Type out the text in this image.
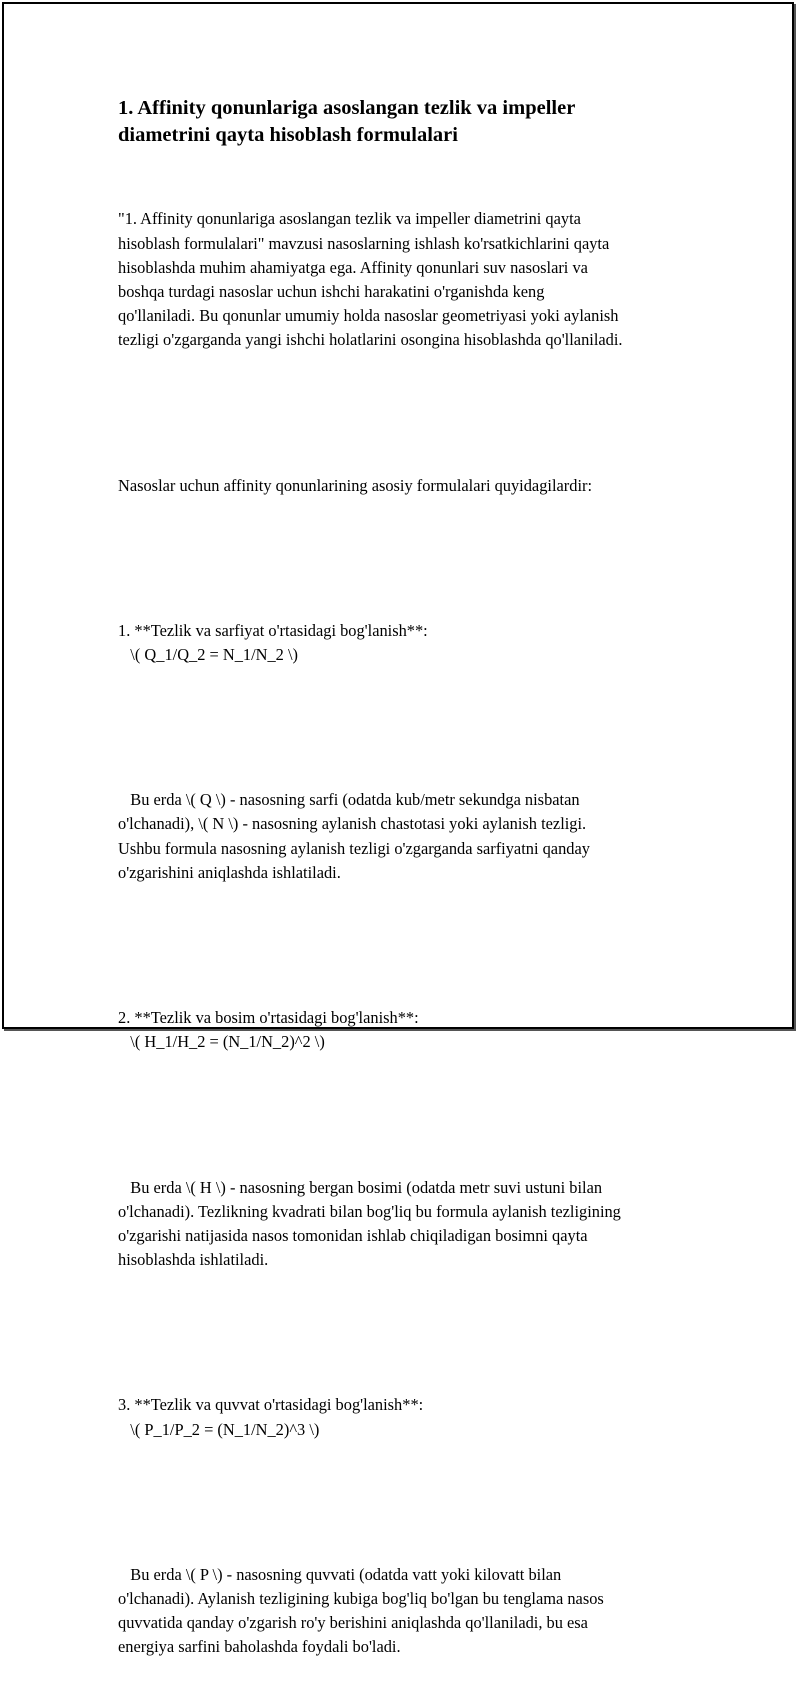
1. Affinity qonunlariga asoslangan tezlik va impeller
diametrini qayta hisoblash formulalari

"1. Affinity qonunlariga asoslangan tezlik va impeller diametrini qayta
hisoblash formulalari" mavzusi nasoslarning ishlash ko'rsatkichlarini qayta
hisoblashda muhim ahamiyatga ega. Affinity qonunlari suv nasoslari va
boshqa turdagi nasoslar uchun ishchi harakatini o'rganishda keng
qo'llaniladi. Bu qonunlar umumiy holda nasoslar geometriyasi yoki aylanish
tezligi o'zgarganda yangi ishchi holatlarini osongina hisoblashda qo'llaniladi.

Nasoslar uchun affinity qonunlarining asosiy formulalari quyidagilardir:

1. **Tezlik va sarfiyat o'rtasidagi bog'lanish**:
\( Q_1/Q_2 = N_1/N_2 \)

Bu erda \( Q \) - nasosning sarfi (odatda kub/metr sekundga nisbatan
o'lchanadi), \( N \) - nasosning aylanish chastotasi yoki aylanish tezligi.
Ushbu formula nasosning aylanish tezligi o'zgarganda sarfiyatni qanday
o'zgarishini aniqlashda ishlatiladi.

2. **Tezlik va bosim o'rtasidagi bog'lanish**:
\( H_1/H_2 = (N_1/N_2)^2 \)

Bu erda \( H \) - nasosning bergan bosimi (odatda metr suvi ustuni bilan
o'lchanadi). Tezlikning kvadrati bilan bog'liq bu formula aylanish tezligining
o'zgarishi natijasida nasos tomonidan ishlab chiqiladigan bosimni qayta
hisoblashda ishlatiladi.

3. **Tezlik va quvvat o'rtasidagi bog'lanish**:
\( P_1/P_2 = (N_1/N_2)^3 \)

Bu erda \( P \) - nasosning quvvati (odatda vatt yoki kilovatt bilan
o'lchanadi). Aylanish tezligining kubiga bog'liq bo'lgan bu tenglama nasos
quvvatida qanday o'zgarish ro'y berishini aniqlashda qo'llaniladi, bu esa
energiya sarfini baholashda foydali bo'ladi.
